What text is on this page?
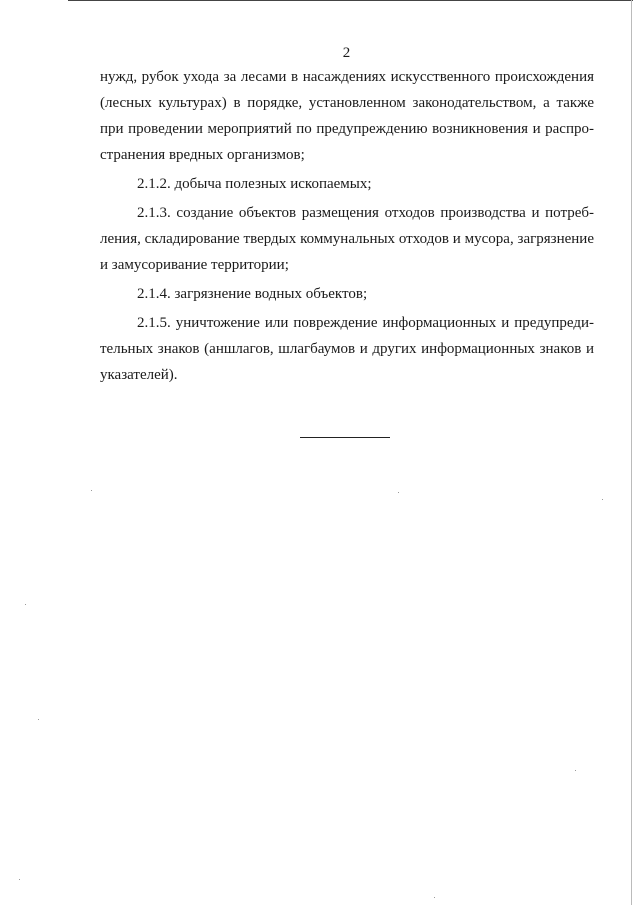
2

нужд, рубок ухода за лесами в насаждениях искусственного происхождения
(лесных культурах) в порядке, установленном законодательством, а также
при проведении мероприятий по предупреждению возникновения и распро-
странения вредных организмов;

2.1.2. добыча полезных ископаемых;

2.1.3. создание объектов размещения отходов производства и потреб-
ления, складирование твердых коммунальных отходов и мусора, загрязнение
и замусоривание территории;

2.1.4. загрязнение водных объектов;

2.1.5. уничтожение или повреждение информационных и предупреди-
тельных знаков (аншлагов, шлагбаумов и других информационных знаков и
указателей).
